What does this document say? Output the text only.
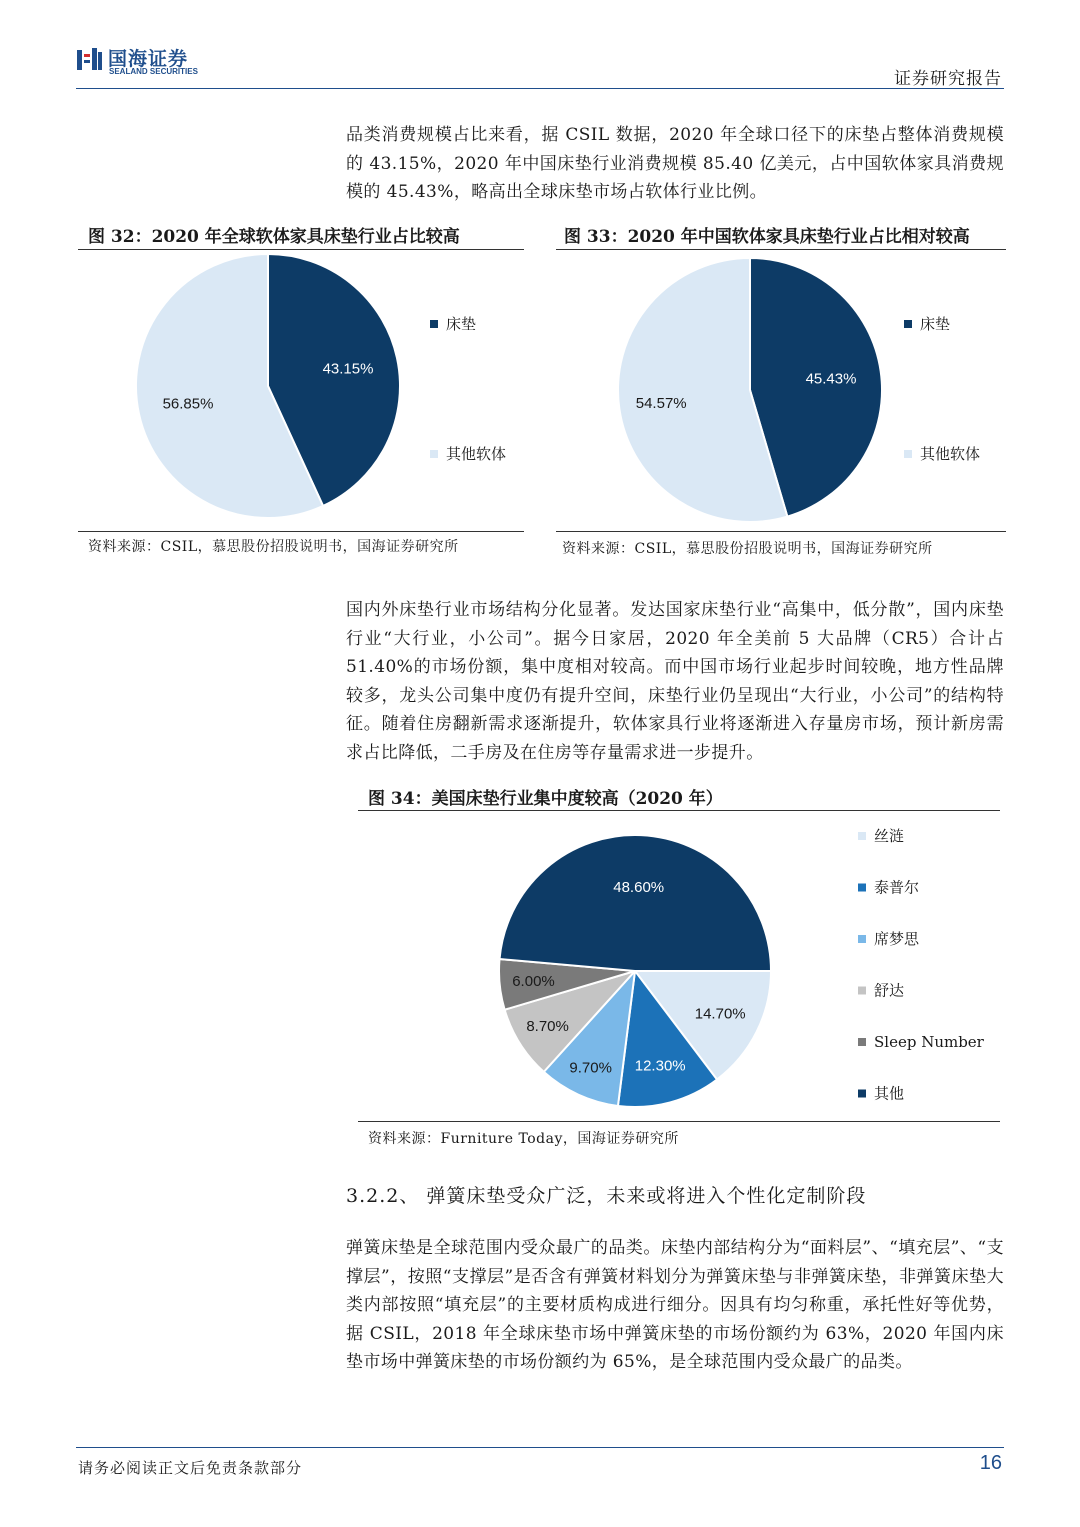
国海证券
SEALAND SECURITIES	证券研究报告
品类消费规模占比来看，据 CSIL 数据，2020 年全球口径下的床垫占整体消费规模的 43.15%，2020 年中国床垫行业消费规模 85.40 亿美元，占中国软体家具消费规模的 45.43%，略高出全球床垫市场占软体行业比例。
图 32：2020 年全球软体家具床垫行业占比较高	图 33：2020 年中国软体家具床垫行业占比相对较高
43.15%
56.85%
床垫
其他软体
45.43%
54.57%
床垫
其他软体
资料来源：CSIL，慕思股份招股说明书，国海证券研究所	资料来源：CSIL，慕思股份招股说明书，国海证券研究所
国内外床垫行业市场结构分化显著。发达国家床垫行业“高集中，低分散”，国内床垫行业“大行业，小公司”。据今日家居，2020 年全美前 5 大品牌（CR5）合计占 51.40%的市场份额，集中度相对较高。而中国市场行业起步时间较晚，地方性品牌较多，龙头公司集中度仍有提升空间，床垫行业仍呈现出“大行业，小公司”的结构特征。随着住房翻新需求逐渐提升，软体家具行业将逐渐进入存量房市场，预计新房需求占比降低，二手房及在住房等存量需求进一步提升。
图 34：美国床垫行业集中度较高（2020 年）
14.70%
12.30%
9.70%
8.70%
6.00%
48.60%
丝涟
泰普尔
席梦思
舒达
Sleep Number
其他
资料来源：Furniture Today，国海证券研究所
3.2.2、 弹簧床垫受众广泛，未来或将进入个性化定制阶段
弹簧床垫是全球范围内受众最广的品类。床垫内部结构分为“面料层”、“填充层”、“支撑层”，按照“支撑层”是否含有弹簧材料划分为弹簧床垫与非弹簧床垫，非弹簧床垫大类内部按照“填充层”的主要材质构成进行细分。因具有均匀称重，承托性好等优势，据 CSIL，2018 年全球床垫市场中弹簧床垫的市场份额约为 63%，2020 年国内床垫市场中弹簧床垫的市场份额约为 65%，是全球范围内受众最广的品类。
请务必阅读正文后免责条款部分	16
